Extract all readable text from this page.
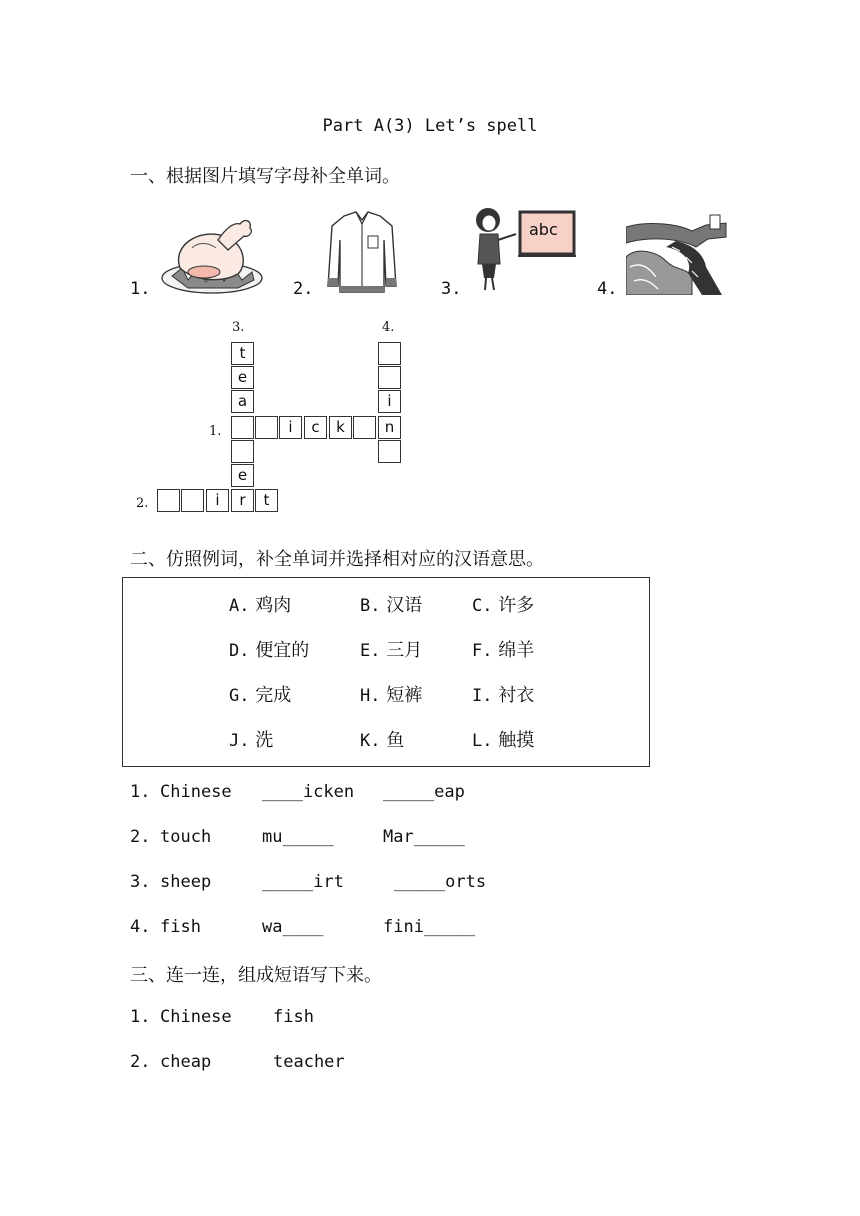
Part A(3) Let’s spell
一、根据图片填写字母补全单词。
1.	2.	3.
abc
4.
3.	4.
1.
2.
t
e
a
e
i	c	k	n
i
i	r	t
二、仿照例词，补全单词并选择相对应的汉语意思。
A. 鸡肉	B. 汉语	C. 许多
D. 便宜的	E. 三月	F. 绵羊
G. 完成	H. 短裤	I. 衬衣
J. 洗	K. 鱼	L. 触摸
1. Chinese ____icken _____eap
2. touch	mu_____	Mar_____
3. sheep	_____irt	_____orts
4. fish	wa____	fini_____
三、连一连，组成短语写下来。
1. Chinese fish
2. cheap	teacher
